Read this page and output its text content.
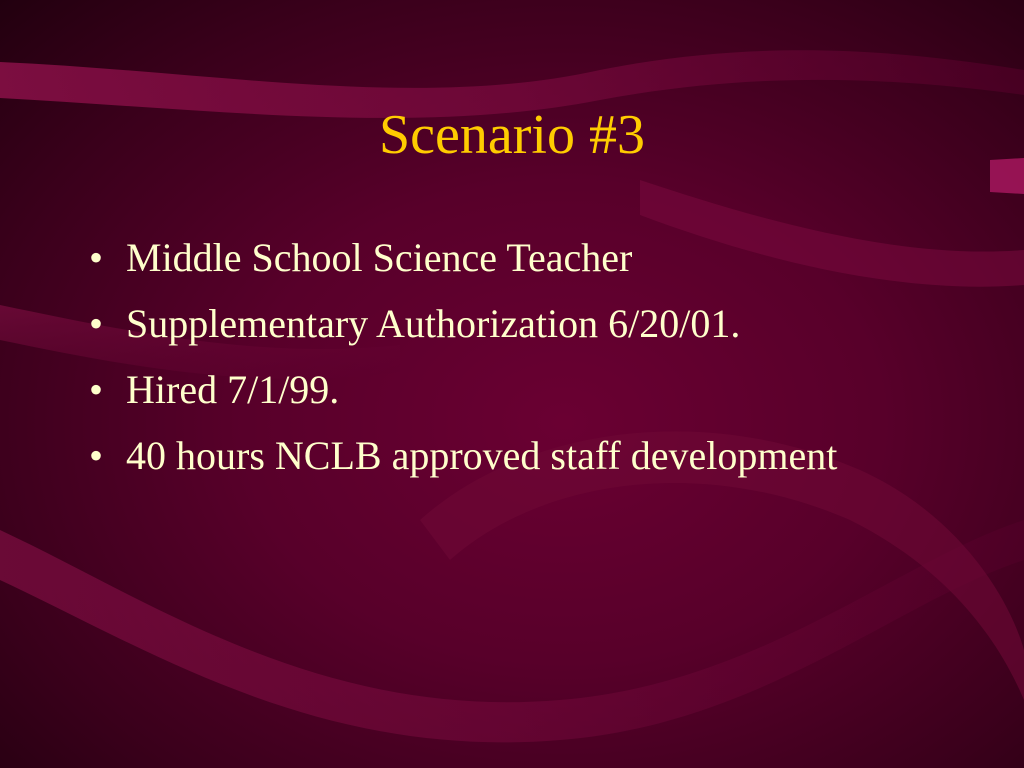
Scenario #3
• Middle School Science Teacher
• Supplementary Authorization 6/20/01.
• Hired 7/1/99.
• 40 hours NCLB approved staff development
